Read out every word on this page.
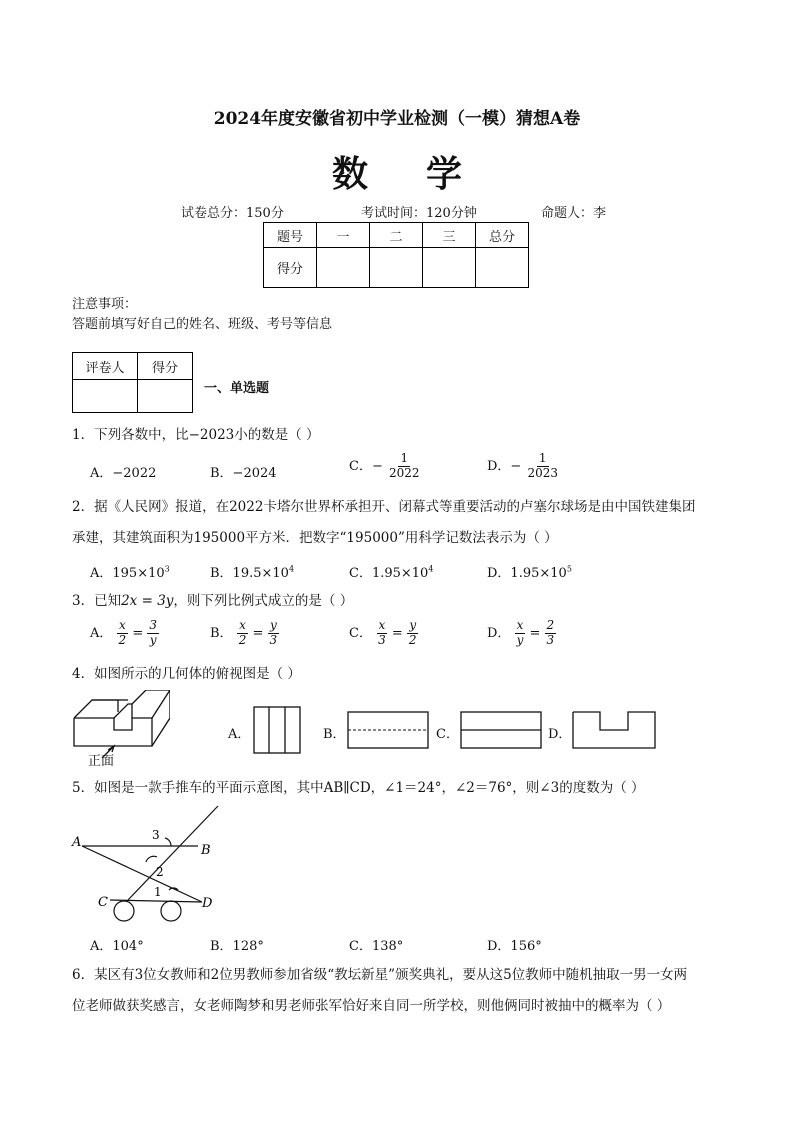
2024年度安徽省初中学业检测（一模）猜想A卷
数学
试卷总分：150分	考试时间：120分钟	命题人：李
题号	一	二	三	总分
得分				
注意事项：
答题前填写好自己的姓名、班级、考号等信息
评卷人	得分

一、单选题
1．下列各数中，比−2023小的数是（ ）
A．−2022	B．−2024	C．− $\frac{1}{2022}$	D．− $\frac{1}{2023}$
2．据《人民网》报道，在2022卡塔尔世界杯承担开、闭幕式等重要活动的卢塞尔球场是由中国铁建集团
承建，其建筑面积为195000平方米．把数字“195000”用科学记数法表示为（ ）
A．$195\times 10^3$	B．$19.5\times 10^4$	C．$1.95\times 10^4$	D．$1.95\times 10^5$
3．已知2x = 3y，则下列比例式成立的是（ ）
A． $\frac{x}{2} = \frac{3}{y}$	B． $\frac{x}{2} = \frac{y}{3}$	C． $\frac{x}{3} = \frac{y}{2}$	D． $\frac{x}{y} = \frac{2}{3}$
4．如图所示的几何体的俯视图是（ ）
正面
A．	B．	C．	D．
5．如图是一款手推车的平面示意图，其中AB∥CD，∠1＝24°，∠2＝76°，则∠3的度数为（ ）
A
B
C	D
3
2
1
A．104°	B．128°	C．138°	D．156°
6．某区有3位女教师和2位男教师参加省级“教坛新星”颁奖典礼，要从这5位教师中随机抽取一男一女两
位老师做获奖感言，女老师陶梦和男老师张军恰好来自同一所学校，则他俩同时被抽中的概率为（ ）
